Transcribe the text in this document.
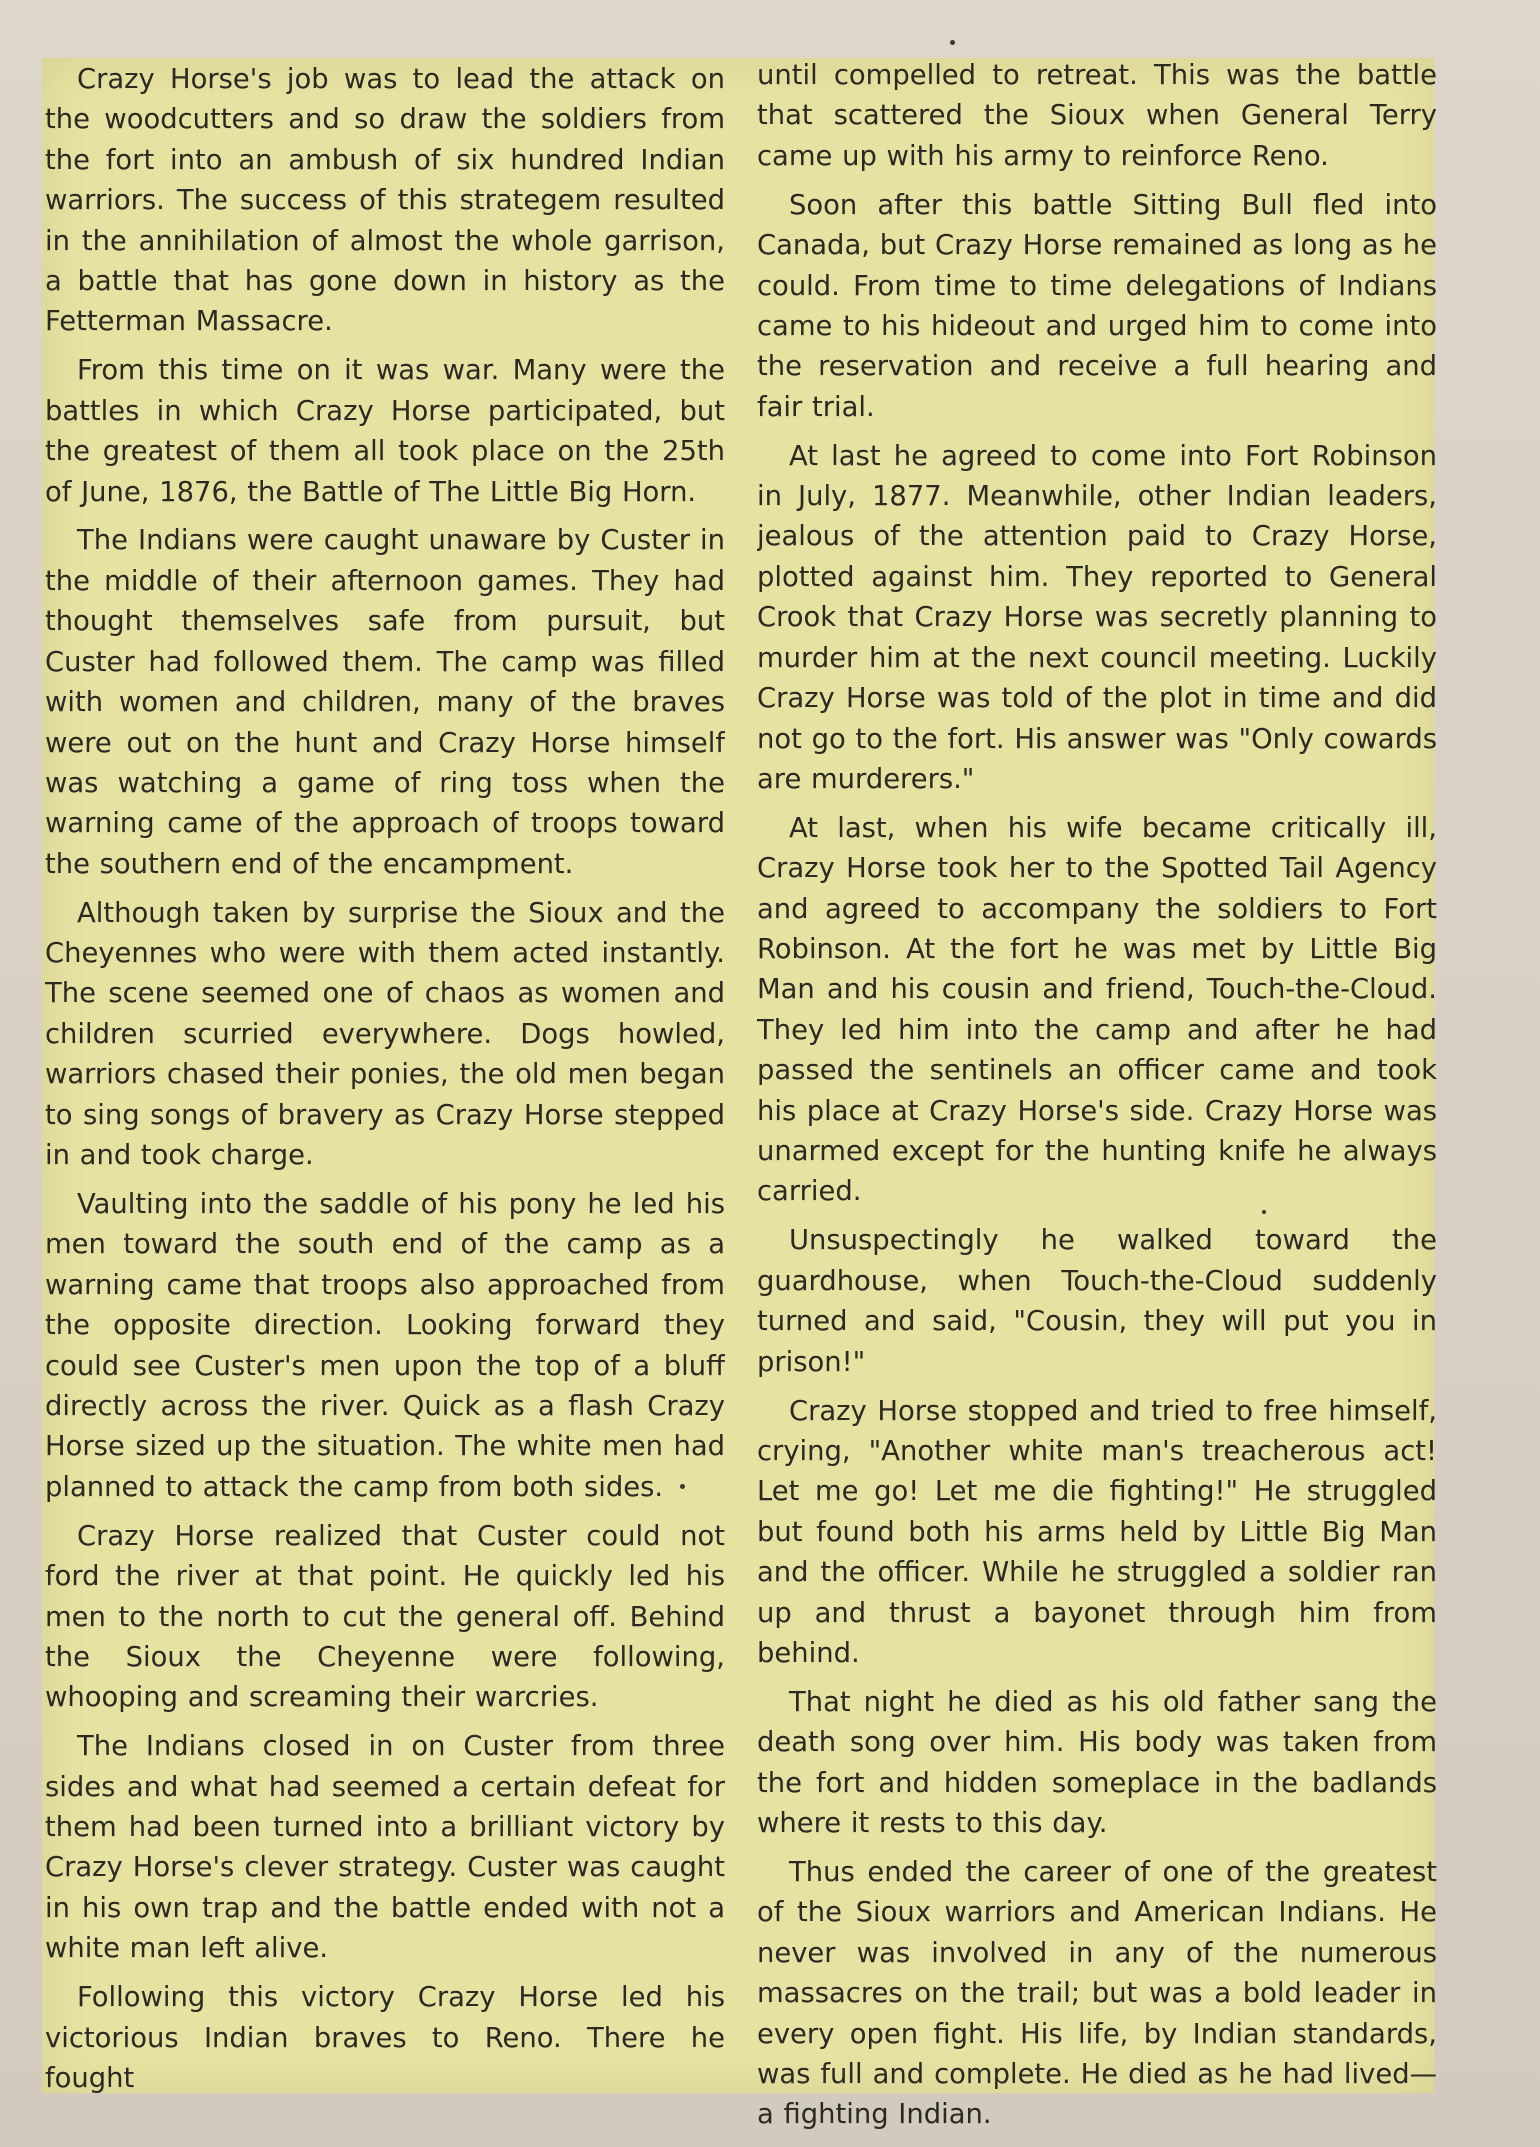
Crazy Horse's job was to lead the attack on the woodcutters and so draw the soldiers from the fort into an ambush of six hundred Indian warriors. The success of this strategem resulted in the annihilation of almost the whole garrison, a battle that has gone down in history as the Fetterman Massacre.

From this time on it was war. Many were the battles in which Crazy Horse participated, but the greatest of them all took place on the 25th of June, 1876, the Battle of The Little Big Horn.

The Indians were caught unaware by Custer in the middle of their afternoon games. They had thought themselves safe from pursuit, but Custer had followed them. The camp was filled with women and children, many of the braves were out on the hunt and Crazy Horse himself was watching a game of ring toss when the warning came of the approach of troops toward the southern end of the encampment.

Although taken by surprise the Sioux and the Cheyennes who were with them acted instantly. The scene seemed one of chaos as women and children scurried everywhere. Dogs howled, warriors chased their ponies, the old men began to sing songs of bravery as Crazy Horse stepped in and took charge.

Vaulting into the saddle of his pony he led his men toward the south end of the camp as a warning came that troops also approached from the opposite direction. Looking forward they could see Custer's men upon the top of a bluff directly across the river. Quick as a flash Crazy Horse sized up the situation. The white men had planned to attack the camp from both sides.

Crazy Horse realized that Custer could not ford the river at that point. He quickly led his men to the north to cut the general off. Behind the Sioux the Cheyenne were following, whooping and screaming their warcries.

The Indians closed in on Custer from three sides and what had seemed a certain defeat for them had been turned into a brilliant victory by Crazy Horse's clever strategy. Custer was caught in his own trap and the battle ended with not a white man left alive.

Following this victory Crazy Horse led his victorious Indian braves to Reno. There he fought

until compelled to retreat. This was the battle that scattered the Sioux when General Terry came up with his army to reinforce Reno.

Soon after this battle Sitting Bull fled into Canada, but Crazy Horse remained as long as he could. From time to time delegations of Indians came to his hideout and urged him to come into the reservation and receive a full hearing and fair trial.

At last he agreed to come into Fort Robinson in July, 1877. Meanwhile, other Indian leaders, jealous of the attention paid to Crazy Horse, plotted against him. They reported to General Crook that Crazy Horse was secretly planning to murder him at the next council meeting. Luckily Crazy Horse was told of the plot in time and did not go to the fort. His answer was "Only cowards are murderers."

At last, when his wife became critically ill, Crazy Horse took her to the Spotted Tail Agency and agreed to accompany the soldiers to Fort Robinson. At the fort he was met by Little Big Man and his cousin and friend, Touch-the-Cloud. They led him into the camp and after he had passed the sentinels an officer came and took his place at Crazy Horse's side. Crazy Horse was unarmed except for the hunting knife he always carried.

Unsuspectingly he walked toward the guardhouse, when Touch-the-Cloud suddenly turned and said, "Cousin, they will put you in prison!"

Crazy Horse stopped and tried to free himself, crying, "Another white man's treacherous act! Let me go! Let me die fighting!" He struggled but found both his arms held by Little Big Man and the officer. While he struggled a soldier ran up and thrust a bayonet through him from behind.

That night he died as his old father sang the death song over him. His body was taken from the fort and hidden someplace in the badlands where it rests to this day.

Thus ended the career of one of the greatest of the Sioux warriors and American Indians. He never was involved in any of the numerous massacres on the trail; but was a bold leader in every open fight. His life, by Indian standards, was full and complete. He died as he had lived—a fighting Indian.
